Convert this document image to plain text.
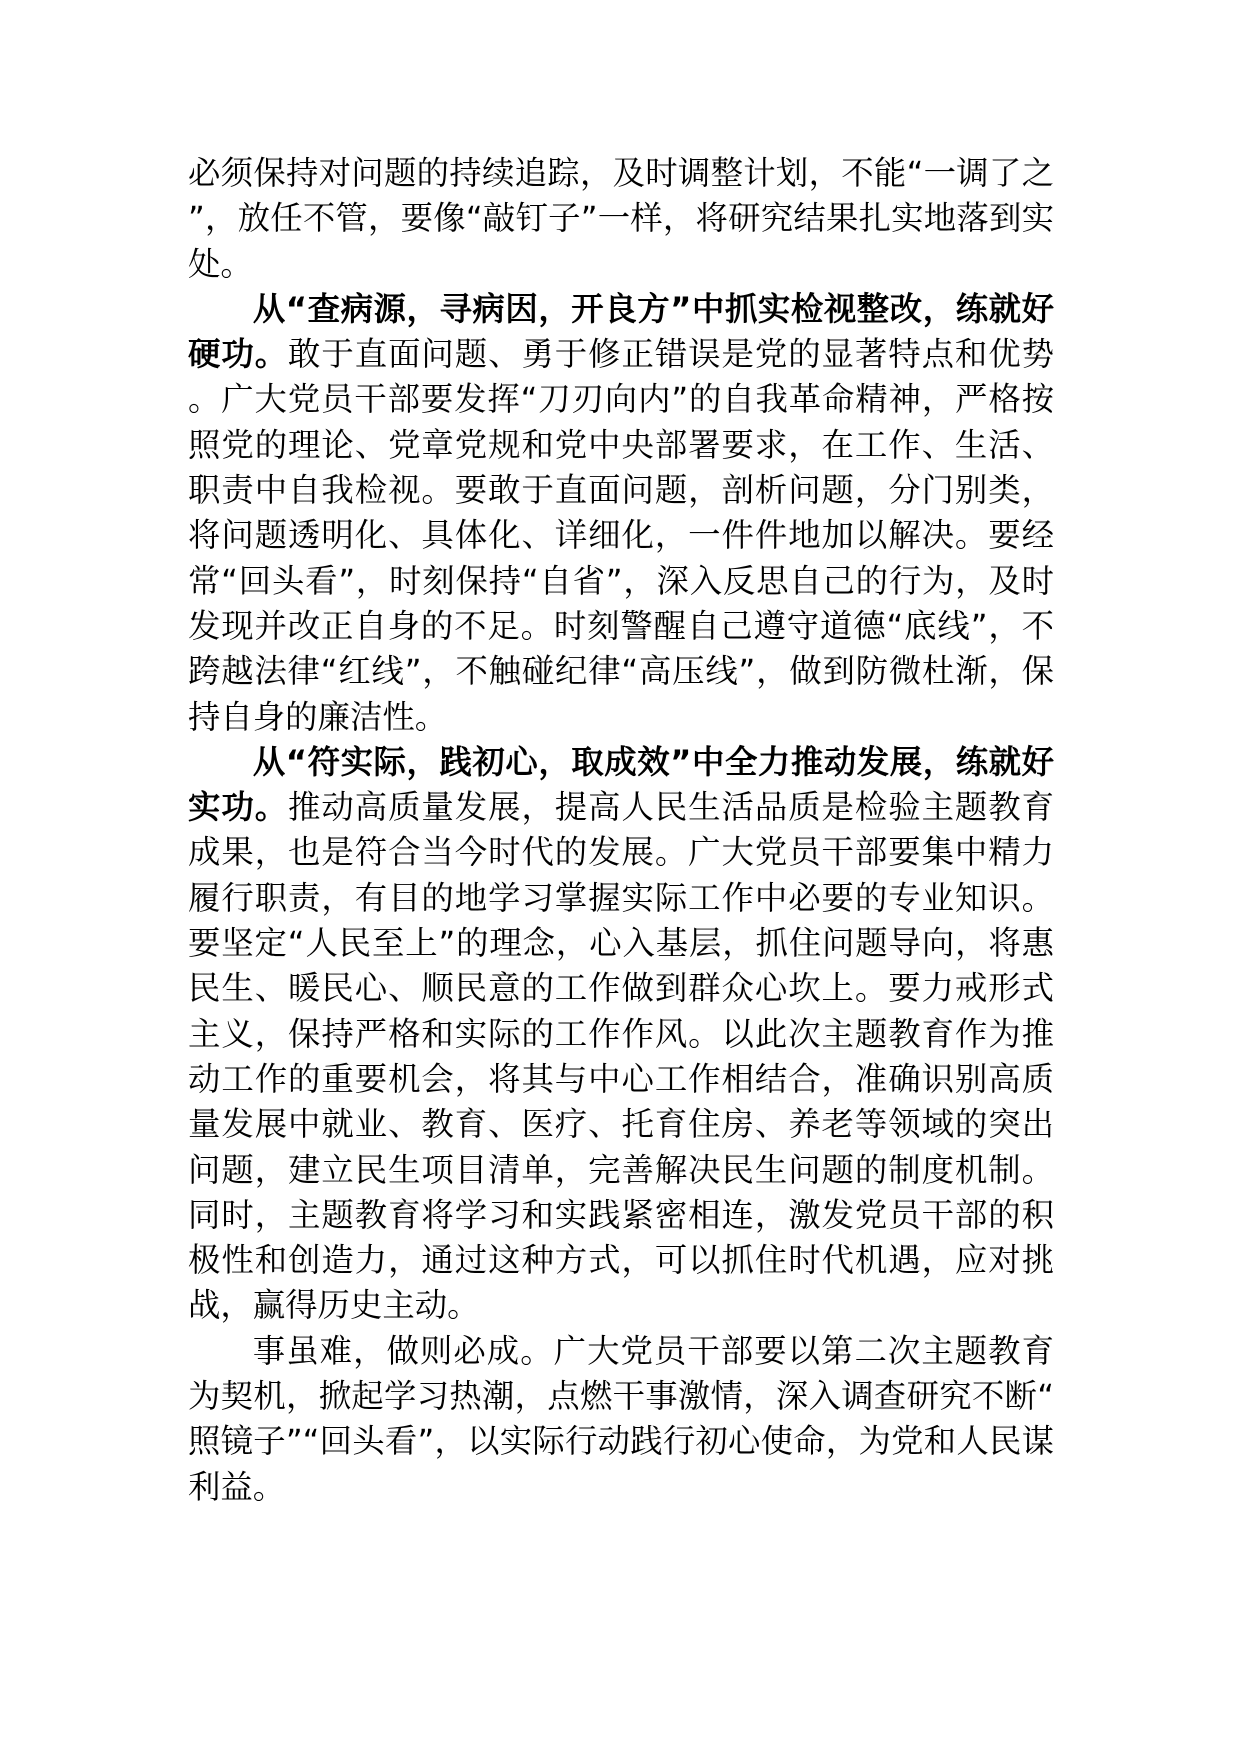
必须保持对问题的持续追踪，及时调整计划，不能“一调了之”，放任不管，要像“敲钉子”一样，将研究结果扎实地落到实处。

从“查病源，寻病因，开良方”中抓实检视整改，练就好硬功。敢于直面问题、勇于修正错误是党的显著特点和优势。广大党员干部要发挥“刀刃向内”的自我革命精神，严格按照党的理论、党章党规和党中央部署要求，在工作、生活、职责中自我检视。要敢于直面问题，剖析问题，分门别类，将问题透明化、具体化、详细化，一件件地加以解决。要经常“回头看”，时刻保持“自省”，深入反思自己的行为，及时发现并改正自身的不足。时刻警醒自己遵守道德“底线”，不跨越法律“红线”，不触碰纪律“高压线”，做到防微杜渐，保持自身的廉洁性。

从“符实际，践初心，取成效”中全力推动发展，练就好实功。推动高质量发展，提高人民生活品质是检验主题教育成果，也是符合当今时代的发展。广大党员干部要集中精力履行职责，有目的地学习掌握实际工作中必要的专业知识。要坚定“人民至上”的理念，心入基层，抓住问题导向，将惠民生、暖民心、顺民意的工作做到群众心坎上。要力戒形式主义，保持严格和实际的工作作风。以此次主题教育作为推动工作的重要机会，将其与中心工作相结合，准确识别高质量发展中就业、教育、医疗、托育住房、养老等领域的突出问题，建立民生项目清单，完善解决民生问题的制度机制。同时，主题教育将学习和实践紧密相连，激发党员干部的积极性和创造力，通过这种方式，可以抓住时代机遇，应对挑战，赢得历史主动。

事虽难，做则必成。广大党员干部要以第二次主题教育为契机，掀起学习热潮，点燃干事激情，深入调查研究不断“照镜子”“回头看”，以实际行动践行初心使命，为党和人民谋利益。
